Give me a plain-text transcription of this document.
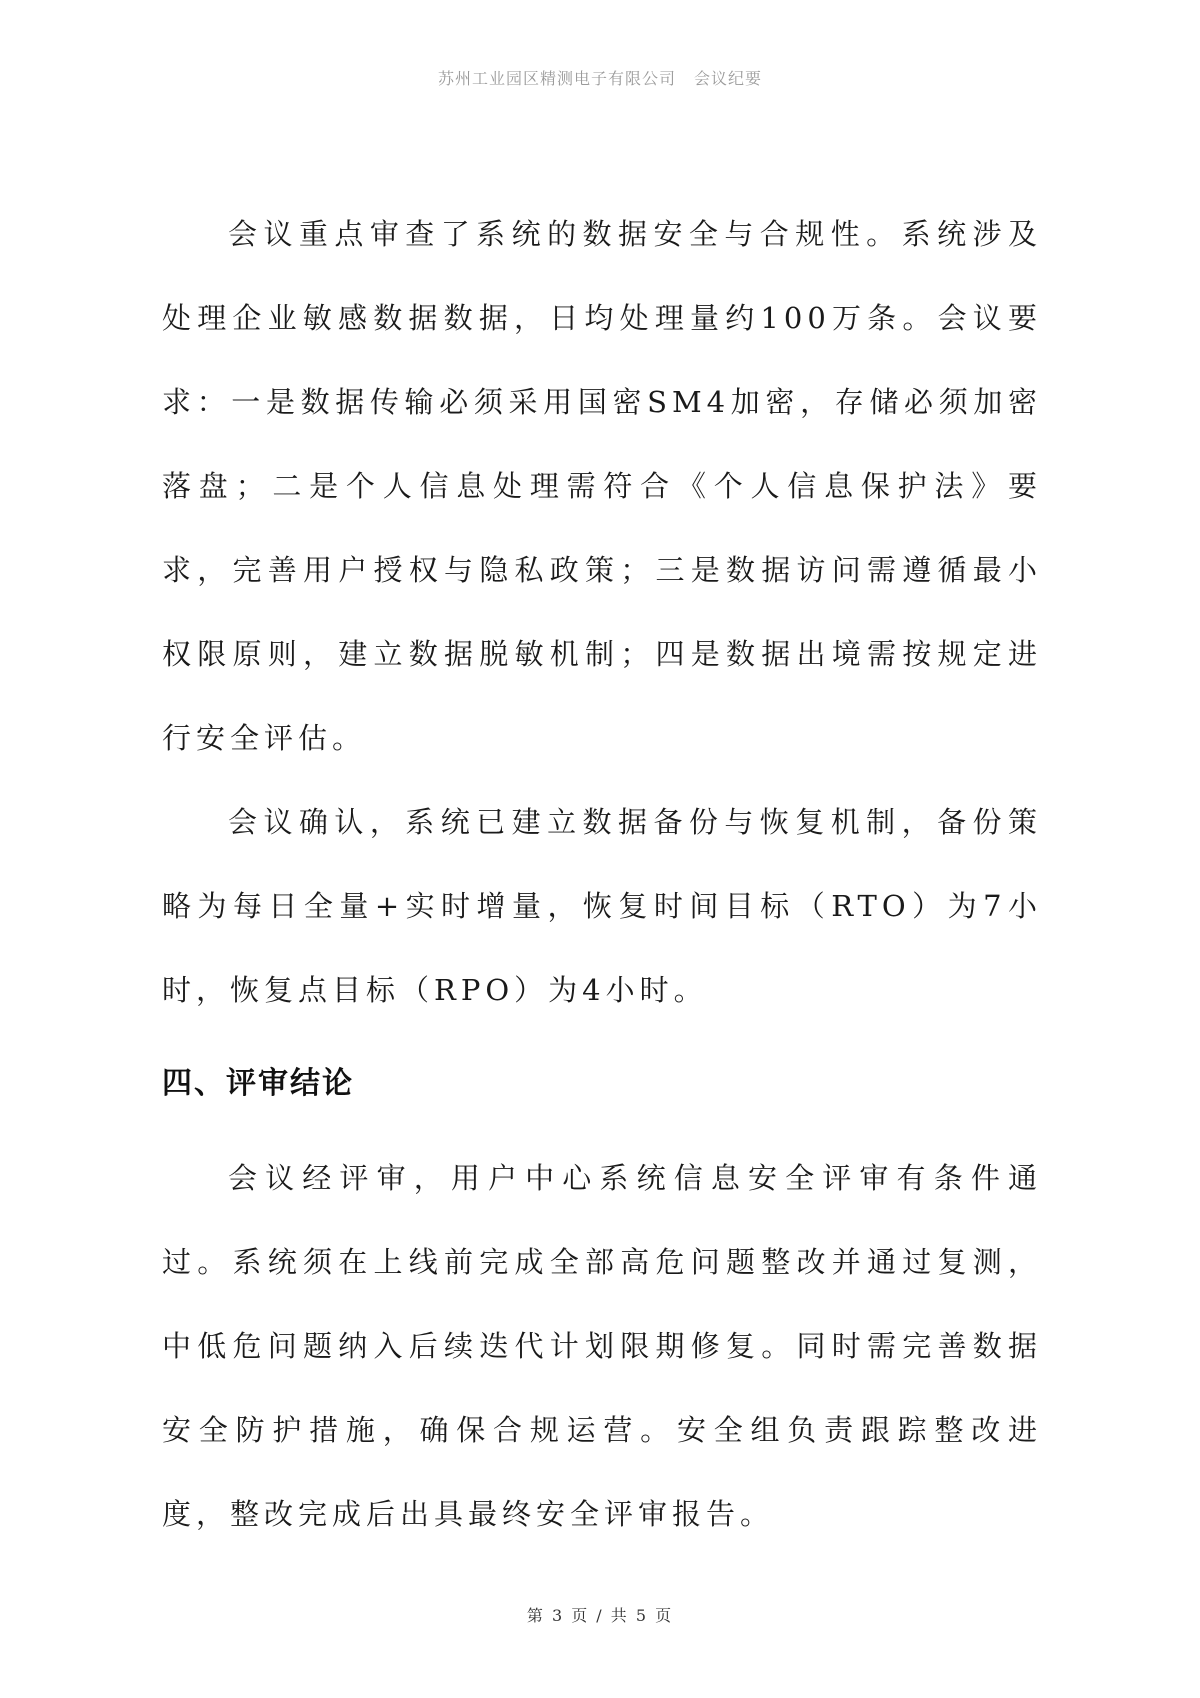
苏州工业园区精测电子有限公司 会议纪要

会议重点审查了系统的数据安全与合规性。系统涉及处理企业敏感数据数据，日均处理量约100万条。会议要求：一是数据传输必须采用国密SM4加密，存储必须加密落盘；二是个人信息处理需符合《个人信息保护法》要求，完善用户授权与隐私政策；三是数据访问需遵循最小权限原则，建立数据脱敏机制；四是数据出境需按规定进行安全评估。

会议确认，系统已建立数据备份与恢复机制，备份策略为每日全量+实时增量，恢复时间目标（RTO）为7小时，恢复点目标（RPO）为4小时。

四、评审结论

会议经评审，用户中心系统信息安全评审有条件通过。系统须在上线前完成全部高危问题整改并通过复测，中低危问题纳入后续迭代计划限期修复。同时需完善数据安全防护措施，确保合规运营。安全组负责跟踪整改进度，整改完成后出具最终安全评审报告。

第 3 页 / 共 5 页
